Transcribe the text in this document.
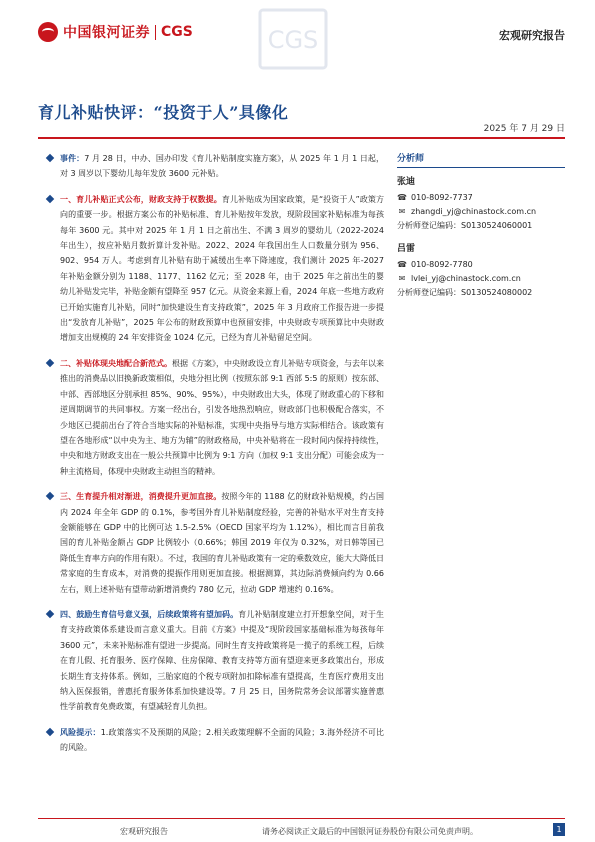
中国银河证券 CGS	CGS	宏观研究报告
育儿补贴快评：“投资于人”具像化
2025 年 7 月 29 日
事件：7 月 28 日，中办、国办印发《育儿补贴制度实施方案》，从 2025 年 1 月 1 日起，对 3 周岁以下婴幼儿每年发放 3600 元补贴。
一、育儿补贴正式公布，财政支持于权数提。育儿补贴成为国家政策，是“投资于人”政策方向的重要一步。根据方案公布的补贴标准、育儿补贴按年发放，现阶段国家补贴标准为每孩每年 3600 元。其中对 2025 年 1 月 1 日之前出生、不满 3 周岁的婴幼儿（2022-2024 年出生），按应补贴月数折算计发补贴。2022、2024 年我国出生人口数量分别为 956、902、954 万人。考虑到育儿补贴有助于减缓出生率下降速度，我们测计 2025 年-2027 年补贴金额分别为 1188、1177、1162 亿元；至 2028 年，由于 2025 年之前出生的婴幼儿补贴发完毕，补贴金额有望降至 957 亿元。从资金来源上看，2024 年底一些地方政府已开始实施育儿补贴，同时“加快建设生育支持政策”，2025 年 3 月政府工作报告进一步提出“发放育儿补贴”，2025 年公布的财政预算中也预留安排，中央财政专项预算比中央财政增加支出规模的 24 年安排资金 1024 亿元，已经为育儿补贴留足空间。
二、补贴体现央地配合新范式。根据《方案》，中央财政设立育儿补贴专项资金，与去年以来推出的消费品以旧换新政策相似，央地分担比例（按照东部 9:1 西部 5:5 的原则）按东部、中部、西部地区分别承担 85%、90%、95%），中央财政出大头，体现了财政重心的下移和逆周期调节的共同事权。方案一经出台，引发各地热烈响应，财政部门也积极配合落实，不少地区已提前出台了符合当地实际的补贴标准，实现中央指导与地方实际相结合。该政策有望在各地形成“以中央为主、地方为辅”的财政格局，中央补贴将在一段时间内保持持续性，中央和地方财政支出在一般公共预算中比例为 9:1 方向（加权 9:1 支出分配）可能会成为一种主流格局，体现中央财政主动担当的精神。
三、生育提升相对渐进，消费提升更加直接。按照今年的 1188 亿的财政补贴规模，约占国内 2024 年全年 GDP 的 0.1%，参考国外育儿补贴制度经验，完善的补贴水平对生育支持金额能够在 GDP 中的比例可达 1.5-2.5%（OECD 国家平均为 1.12%），相比而言目前我国的育儿补贴金额占 GDP 比例较小（0.66%；韩国 2019 年仅为 0.32%，对日韩等国已降低生育率方向的作用有限）。不过，我国的育儿补贴政策有一定的乘数效应，能大大降低日常家庭的生育成本，对消费的提振作用则更加直接。根据测算，其边际消费倾向约为 0.66 左右，则上述补贴有望带动新增消费约 780 亿元，拉动 GDP 增速约 0.16%。
四、鼓励生育信号意义强，后续政策将有望加码。育儿补贴制度建立打开想象空间，对于生育支持政策体系建设而言意义重大。目前《方案》中提及“现阶段国家基础标准为每孩每年 3600 元”，未来补贴标准有望进一步提高。同时生育支持政策将是一揽子的系统工程，后续在育儿假、托育服务、医疗保障、住房保障、教育支持等方面有望迎来更多政策出台，形成长期生育支持体系。例如，三胎家庭的个税专项附加扣除标准有望提高，生育医疗费用支出纳入医保报销，普惠托育服务体系加快建设等。7 月 25 日，国务院常务会议部署实施普惠性学前教育免费政策，有望减轻育儿负担。
风险提示：1.政策落实不及预期的风险；2.相关政策理解不全面的风险；3.海外经济不可比的风险。
分析师
张迪
☎ 010-8092-7737
✉ zhangdi_yj@chinastock.com.cn
分析师登记编码：S0130524060001
吕雷
☎ 010-8092-7780
✉ lvlei_yj@chinastock.com.cn
分析师登记编码：S0130524080002
宏观研究报告	请务必阅读正文最后的中国银河证券股份有限公司免责声明。	1
